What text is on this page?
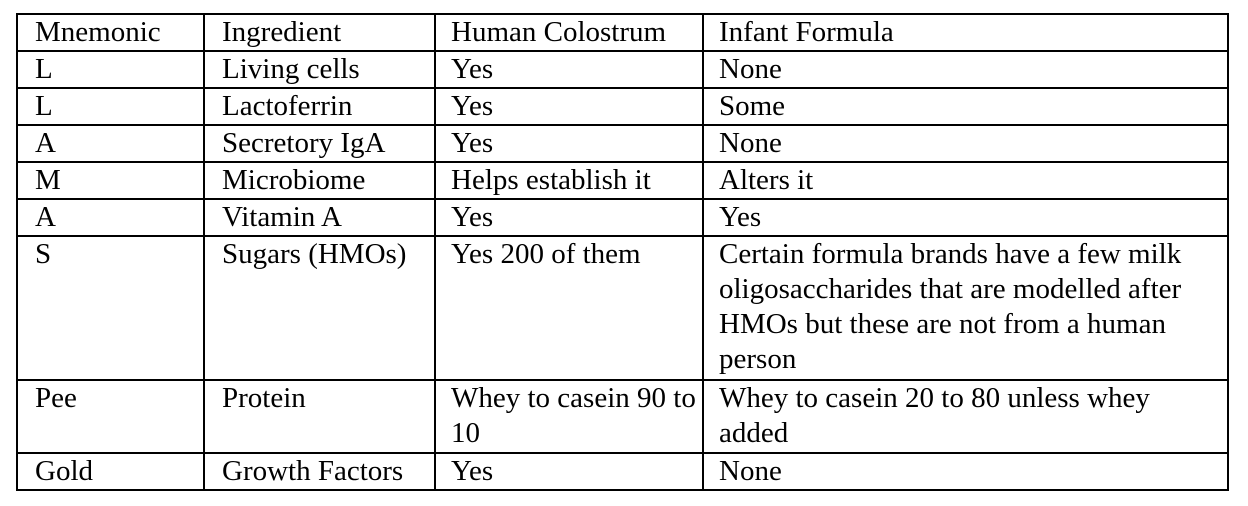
Mnemonic	Ingredient	Human Colostrum	Infant Formula
L	Living cells	Yes	None
L	Lactoferrin	Yes	Some
A	Secretory IgA	Yes	None
M	Microbiome	Helps establish it	Alters it
A	Vitamin A	Yes	Yes
S	Sugars (HMOs)	Yes 200 of them	Certain formula brands have a few milk oligosaccharides that are modelled after HMOs but these are not from a human person
Pee	Protein	Whey to casein 90 to 10	Whey to casein 20 to 80 unless whey added
Gold	Growth Factors	Yes	None
